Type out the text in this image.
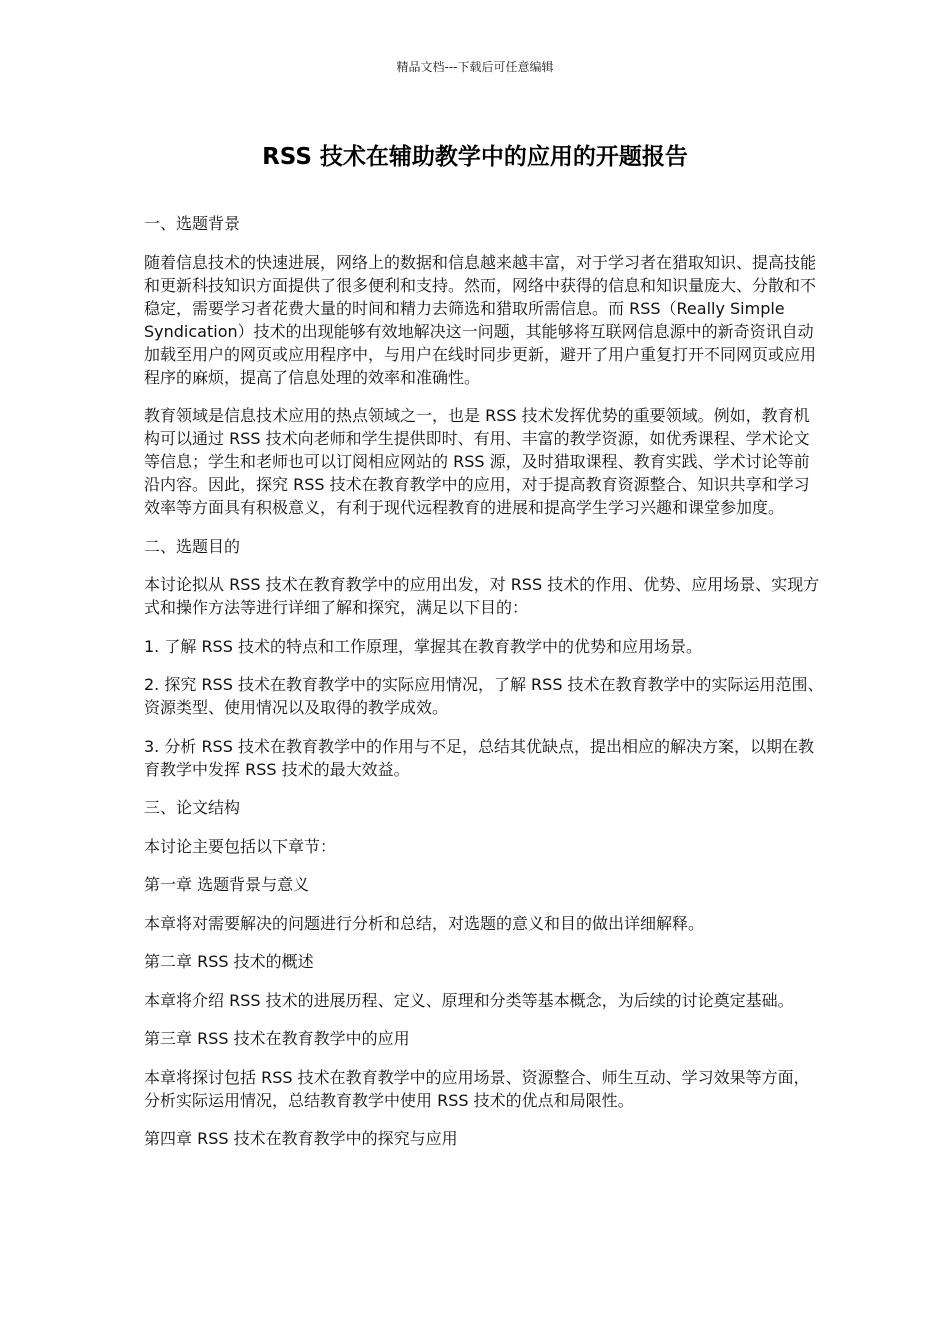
精品文档---下载后可任意编辑
RSS 技术在辅助教学中的应用的开题报告

一、选题背景

随着信息技术的快速进展，网络上的数据和信息越来越丰富，对于学习者在猎取知识、提高技能和更新科技知识方面提供了很多便利和支持。然而，网络中获得的信息和知识量庞大、分散和不稳定，需要学习者花费大量的时间和精力去筛选和猎取所需信息。而 RSS（Really Simple Syndication）技术的出现能够有效地解决这一问题，其能够将互联网信息源中的新奇资讯自动加载至用户的网页或应用程序中，与用户在线时同步更新，避开了用户重复打开不同网页或应用程序的麻烦，提高了信息处理的效率和准确性。

教育领域是信息技术应用的热点领域之一，也是 RSS 技术发挥优势的重要领域。例如，教育机构可以通过 RSS 技术向老师和学生提供即时、有用、丰富的教学资源，如优秀课程、学术论文等信息；学生和老师也可以订阅相应网站的 RSS 源，及时猎取课程、教育实践、学术讨论等前沿内容。因此，探究 RSS 技术在教育教学中的应用，对于提高教育资源整合、知识共享和学习效率等方面具有积极意义，有利于现代远程教育的进展和提高学生学习兴趣和课堂参加度。

二、选题目的

本讨论拟从 RSS 技术在教育教学中的应用出发，对 RSS 技术的作用、优势、应用场景、实现方式和操作方法等进行详细了解和探究，满足以下目的：

1. 了解 RSS 技术的特点和工作原理，掌握其在教育教学中的优势和应用场景。

2. 探究 RSS 技术在教育教学中的实际应用情况，了解 RSS 技术在教育教学中的实际运用范围、资源类型、使用情况以及取得的教学成效。

3. 分析 RSS 技术在教育教学中的作用与不足，总结其优缺点，提出相应的解决方案，以期在教育教学中发挥 RSS 技术的最大效益。

三、论文结构

本讨论主要包括以下章节：

第一章 选题背景与意义

本章将对需要解决的问题进行分析和总结，对选题的意义和目的做出详细解释。

第二章 RSS 技术的概述

本章将介绍 RSS 技术的进展历程、定义、原理和分类等基本概念，为后续的讨论奠定基础。

第三章 RSS 技术在教育教学中的应用

本章将探讨包括 RSS 技术在教育教学中的应用场景、资源整合、师生互动、学习效果等方面，分析实际运用情况，总结教育教学中使用 RSS 技术的优点和局限性。

第四章 RSS 技术在教育教学中的探究与应用
